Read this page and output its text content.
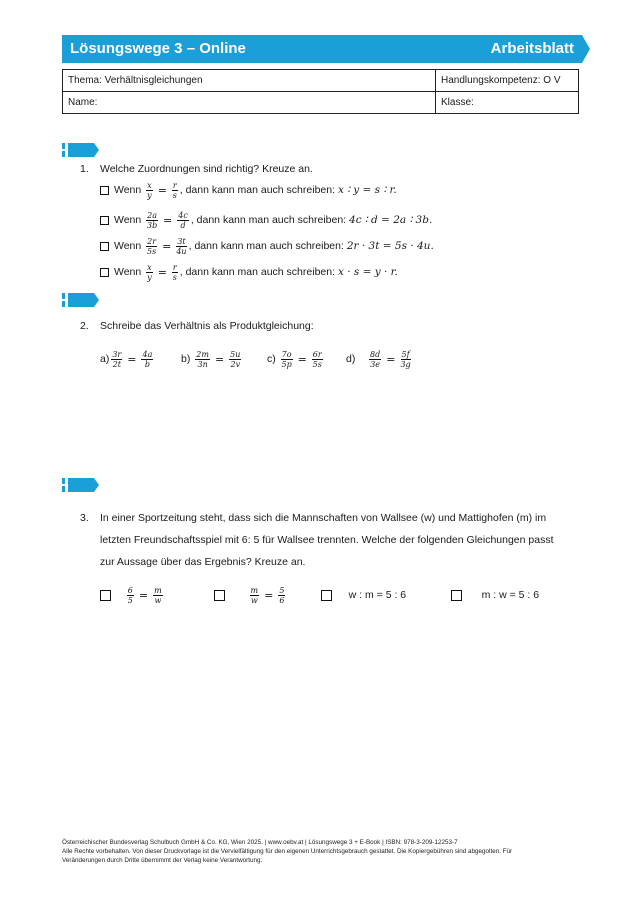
Lösungswege 3 – Online	Arbeitsblatt
Thema: Verhältnisgleichungen	Handlungskompetenz: O V
Name:	Klasse:
1. Welche Zuordnungen sind richtig? Kreuze an.
Wenn
$\frac{x}{y} = \frac{r}{s}$ , dann kann man auch schreiben:
x ∶ y = s ∶ r.
Wenn
$\frac{2a}{3b} = \frac{4c}{d}$ , dann kann man auch schreiben:
4c ∶ d = 2a ∶ 3b.
Wenn
$\frac{2r}{5s} = \frac{3t}{4u}$ , dann kann man auch schreiben:
2r · 3t = 5s · 4u.
Wenn
$\frac{x}{y} = \frac{r}{s}$ , dann kann man auch schreiben:
x · s = y · r.
2. Schreibe das Verhältnis als Produktgleichung:
$a) \frac{3r}{2t} = \frac{4a}{b}$	b)
$\frac{2m}{3n} = \frac{5u}{2v} c$)
$\frac{7o}{5p} = \frac{6r}{5s} d$)
$\frac{8d}{3e} = \frac{5f}{3g}$
3. In einer Sportzeitung steht, dass sich die Mannschaften von Wallsee (w) und Mattighofen (m) im
letzten Freundschaftsspiel mit 6: 5 für Wallsee trennten. Welche der folgenden Gleichungen passt
zur Aussage über das Ergebnis? Kreuze an.

$\frac{6}{5} = \frac{m}{w}$
	$\frac{m}{w} = \frac{5}{6}$
	w : m = 5 : 6
	m : w = 5 : 6
Österreichischer Bundesverlag Schulbuch GmbH & Co. KG, Wien 2025. | www.oebv.at | Lösungswege 3 + E-Book | ISBN: 978-3-209-12253-7
Alle Rechte vorbehalten. Von dieser Druckvorlage ist die Vervielfältigung für den eigenen Unterrichtsgebrauch gestattet. Die Kopiergebühren sind abgegolten. Für
Veränderungen durch Dritte übernimmt der Verlag keine Verantwortung.
